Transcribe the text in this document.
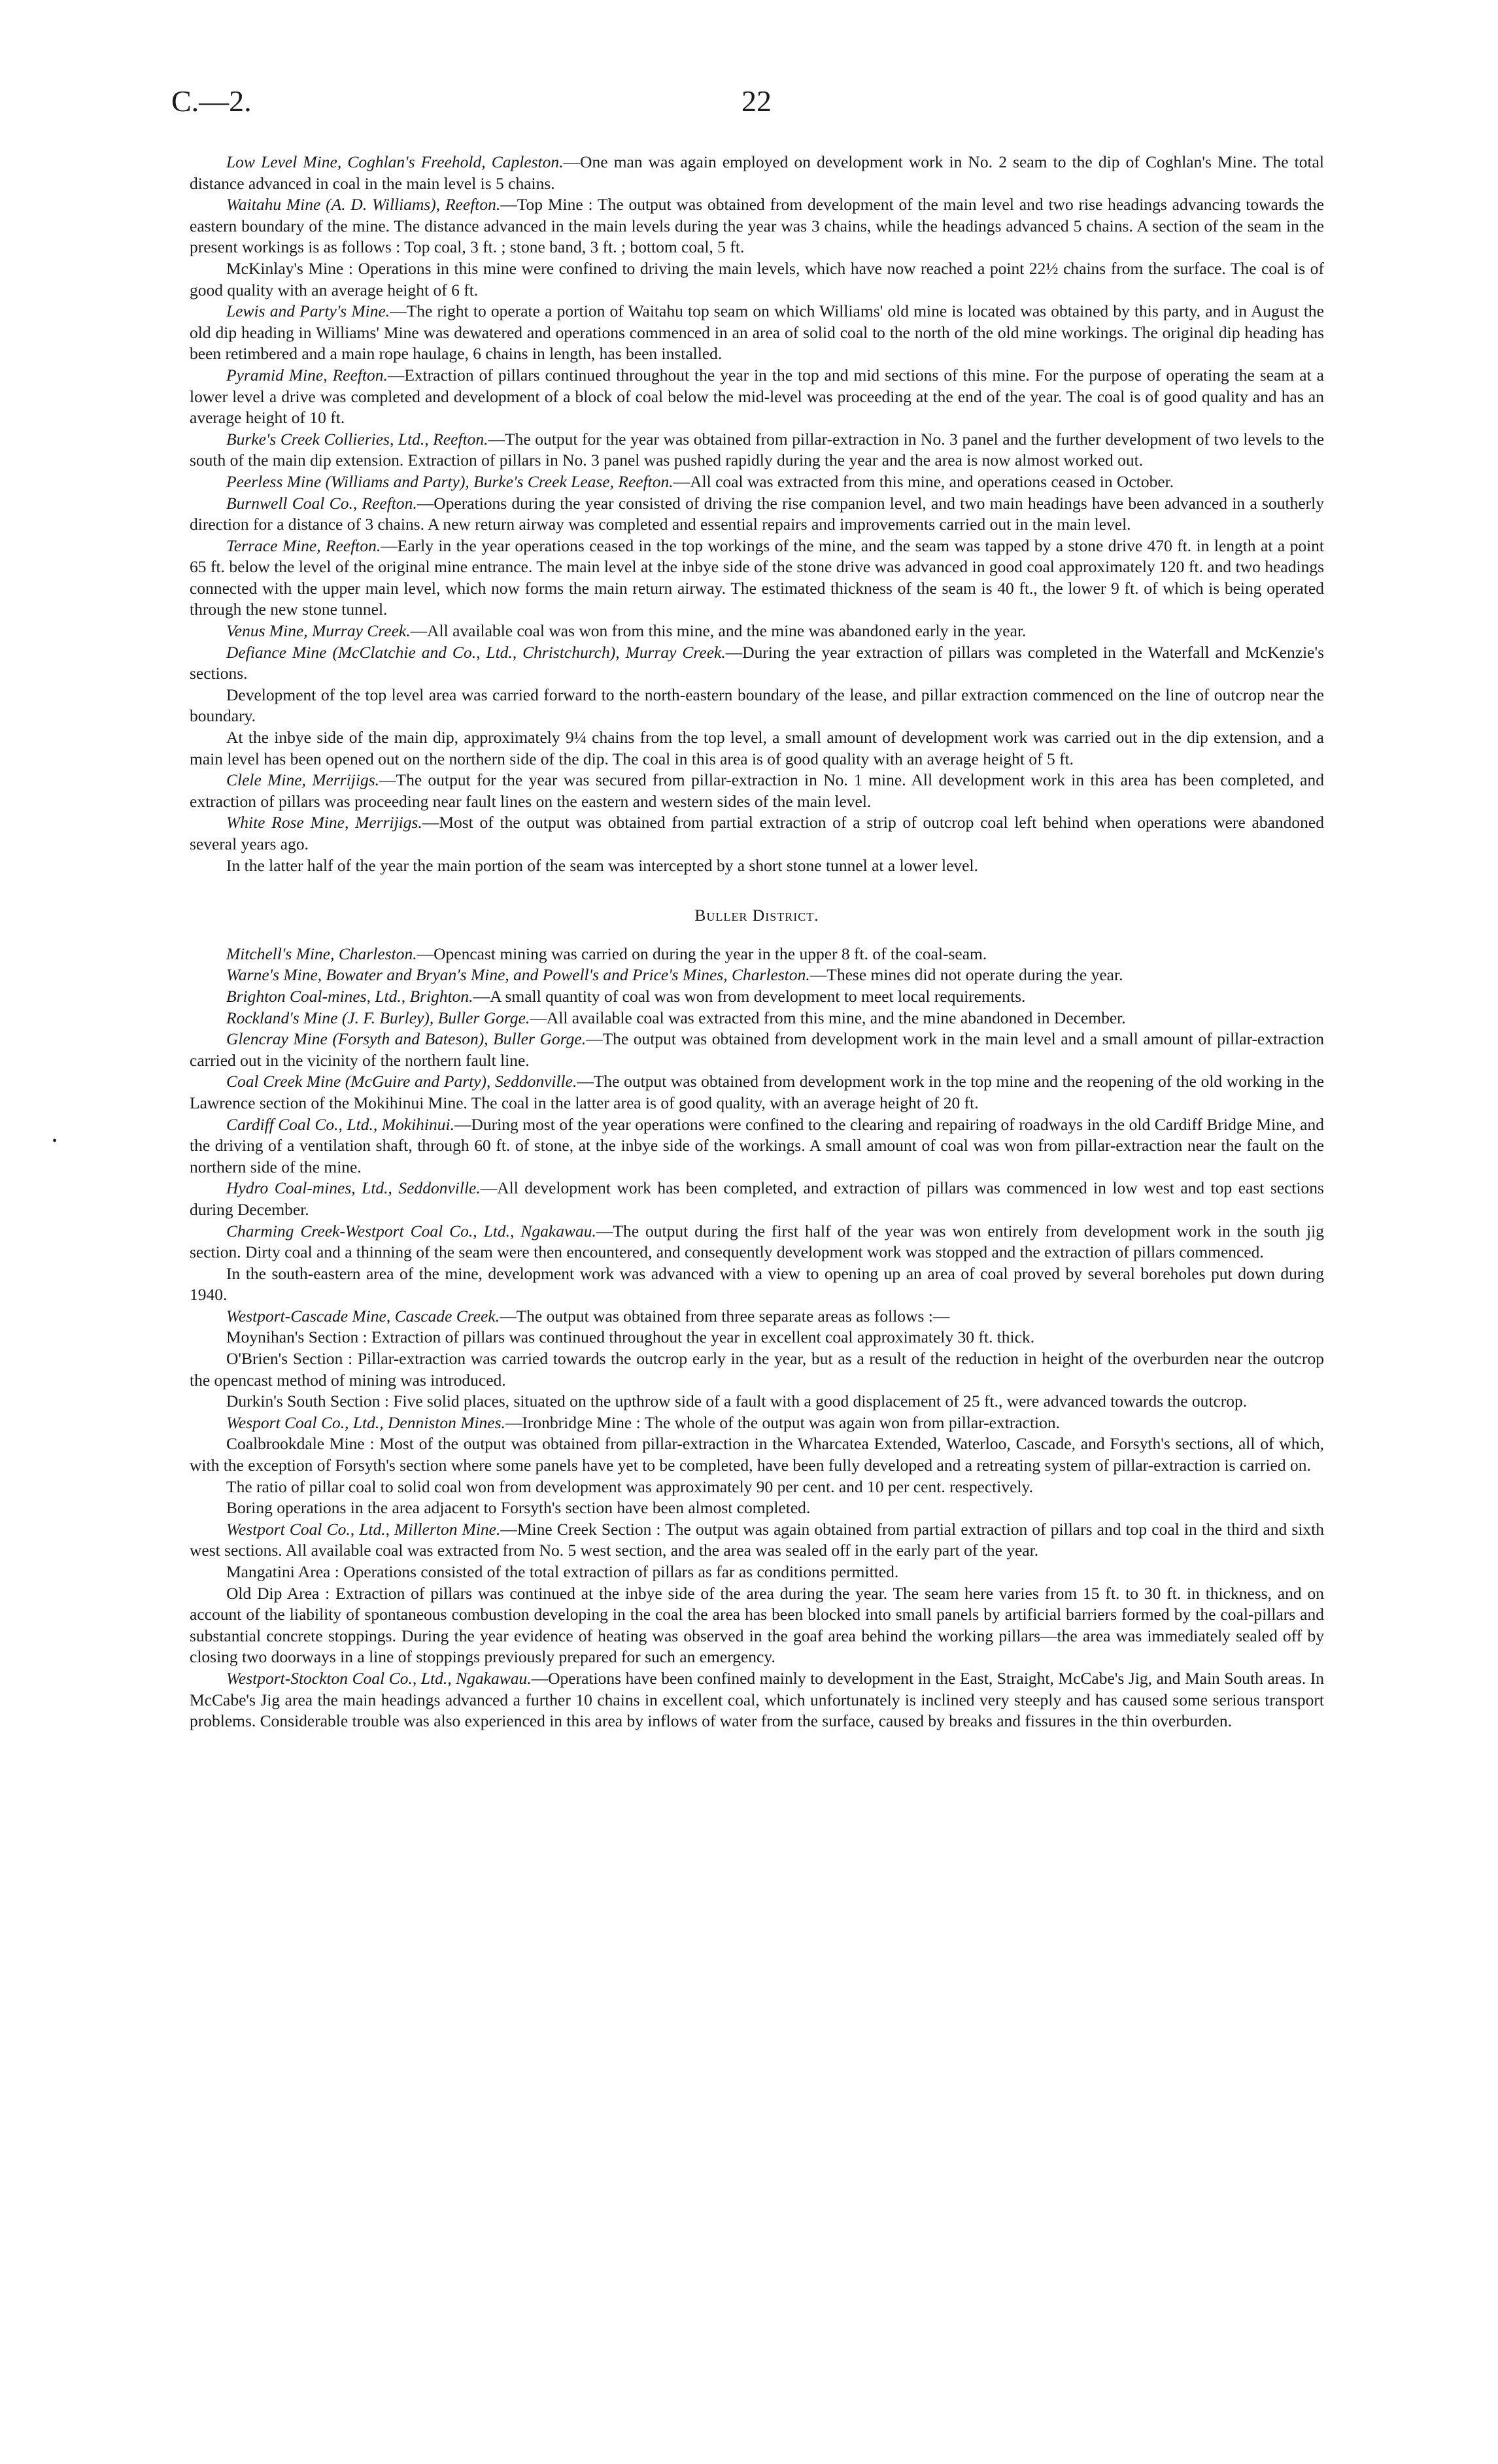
C.—2.	22
•

Low Level Mine, Coghlan's Freehold, Capleston.—One man was again employed on development work in No. 2 seam to the dip of Coghlan's Mine. The total distance advanced in coal in the main level is 5 chains.

Waitahu Mine (A. D. Williams), Reefton.—Top Mine : The output was obtained from development of the main level and two rise headings advancing towards the eastern boundary of the mine. The distance advanced in the main levels during the year was 3 chains, while the headings advanced 5 chains. A section of the seam in the present workings is as follows : Top coal, 3 ft. ; stone band, 3 ft. ; bottom coal, 5 ft.

McKinlay's Mine : Operations in this mine were confined to driving the main levels, which have now reached a point 22½ chains from the surface. The coal is of good quality with an average height of 6 ft.

Lewis and Party's Mine.—The right to operate a portion of Waitahu top seam on which Williams' old mine is located was obtained by this party, and in August the old dip heading in Williams' Mine was dewatered and operations commenced in an area of solid coal to the north of the old mine workings. The original dip heading has been retimbered and a main rope haulage, 6 chains in length, has been installed.

Pyramid Mine, Reefton.—Extraction of pillars continued throughout the year in the top and mid sections of this mine. For the purpose of operating the seam at a lower level a drive was completed and development of a block of coal below the mid-level was proceeding at the end of the year. The coal is of good quality and has an average height of 10 ft.

Burke's Creek Collieries, Ltd., Reefton.—The output for the year was obtained from pillar-extraction in No. 3 panel and the further development of two levels to the south of the main dip extension. Extraction of pillars in No. 3 panel was pushed rapidly during the year and the area is now almost worked out.

Peerless Mine (Williams and Party), Burke's Creek Lease, Reefton.—All coal was extracted from this mine, and operations ceased in October.

Burnwell Coal Co., Reefton.—Operations during the year consisted of driving the rise companion level, and two main headings have been advanced in a southerly direction for a distance of 3 chains. A new return airway was completed and essential repairs and improvements carried out in the main level.

Terrace Mine, Reefton.—Early in the year operations ceased in the top workings of the mine, and the seam was tapped by a stone drive 470 ft. in length at a point 65 ft. below the level of the original mine entrance. The main level at the inbye side of the stone drive was advanced in good coal approximately 120 ft. and two headings connected with the upper main level, which now forms the main return airway. The estimated thickness of the seam is 40 ft., the lower 9 ft. of which is being operated through the new stone tunnel.

Venus Mine, Murray Creek.—All available coal was won from this mine, and the mine was abandoned early in the year.

Defiance Mine (McClatchie and Co., Ltd., Christchurch), Murray Creek.—During the year extraction of pillars was completed in the Waterfall and McKenzie's sections.

Development of the top level area was carried forward to the north-eastern boundary of the lease, and pillar extraction commenced on the line of outcrop near the boundary.

At the inbye side of the main dip, approximately 9¼ chains from the top level, a small amount of development work was carried out in the dip extension, and a main level has been opened out on the northern side of the dip. The coal in this area is of good quality with an average height of 5 ft.

Clele Mine, Merrijigs.—The output for the year was secured from pillar-extraction in No. 1 mine. All development work in this area has been completed, and extraction of pillars was proceeding near fault lines on the eastern and western sides of the main level.

White Rose Mine, Merrijigs.—Most of the output was obtained from partial extraction of a strip of outcrop coal left behind when operations were abandoned several years ago.

In the latter half of the year the main portion of the seam was intercepted by a short stone tunnel at a lower level.

Buller District.

Mitchell's Mine, Charleston.—Opencast mining was carried on during the year in the upper 8 ft. of the coal-seam.

Warne's Mine, Bowater and Bryan's Mine, and Powell's and Price's Mines, Charleston.—These mines did not operate during the year.

Brighton Coal-mines, Ltd., Brighton.—A small quantity of coal was won from development to meet local requirements.

Rockland's Mine (J. F. Burley), Buller Gorge.—All available coal was extracted from this mine, and the mine abandoned in December.

Glencray Mine (Forsyth and Bateson), Buller Gorge.—The output was obtained from development work in the main level and a small amount of pillar-extraction carried out in the vicinity of the northern fault line.

Coal Creek Mine (McGuire and Party), Seddonville.—The output was obtained from development work in the top mine and the reopening of the old working in the Lawrence section of the Mokihinui Mine. The coal in the latter area is of good quality, with an average height of 20 ft.

Cardiff Coal Co., Ltd., Mokihinui.—During most of the year operations were confined to the clearing and repairing of roadways in the old Cardiff Bridge Mine, and the driving of a ventilation shaft, through 60 ft. of stone, at the inbye side of the workings. A small amount of coal was won from pillar-extraction near the fault on the northern side of the mine.

Hydro Coal-mines, Ltd., Seddonville.—All development work has been completed, and extraction of pillars was commenced in low west and top east sections during December.

Charming Creek-Westport Coal Co., Ltd., Ngakawau.—The output during the first half of the year was won entirely from development work in the south jig section. Dirty coal and a thinning of the seam were then encountered, and consequently development work was stopped and the extraction of pillars commenced.

In the south-eastern area of the mine, development work was advanced with a view to opening up an area of coal proved by several boreholes put down during 1940.

Westport-Cascade Mine, Cascade Creek.—The output was obtained from three separate areas as follows :—

Moynihan's Section : Extraction of pillars was continued throughout the year in excellent coal approximately 30 ft. thick.

O'Brien's Section : Pillar-extraction was carried towards the outcrop early in the year, but as a result of the reduction in height of the overburden near the outcrop the opencast method of mining was introduced.

Durkin's South Section : Five solid places, situated on the upthrow side of a fault with a good displacement of 25 ft., were advanced towards the outcrop.

Wesport Coal Co., Ltd., Denniston Mines.—Ironbridge Mine : The whole of the output was again won from pillar-extraction.

Coalbrookdale Mine : Most of the output was obtained from pillar-extraction in the Wharcatea Extended, Waterloo, Cascade, and Forsyth's sections, all of which, with the exception of Forsyth's section where some panels have yet to be completed, have been fully developed and a retreating system of pillar-extraction is carried on.

The ratio of pillar coal to solid coal won from development was approximately 90 per cent. and 10 per cent. respectively.

Boring operations in the area adjacent to Forsyth's section have been almost completed.

Westport Coal Co., Ltd., Millerton Mine.—Mine Creek Section : The output was again obtained from partial extraction of pillars and top coal in the third and sixth west sections. All available coal was extracted from No. 5 west section, and the area was sealed off in the early part of the year.

Mangatini Area : Operations consisted of the total extraction of pillars as far as conditions permitted.

Old Dip Area : Extraction of pillars was continued at the inbye side of the area during the year. The seam here varies from 15 ft. to 30 ft. in thickness, and on account of the liability of spontaneous combustion developing in the coal the area has been blocked into small panels by artificial barriers formed by the coal-pillars and substantial concrete stoppings. During the year evidence of heating was observed in the goaf area behind the working pillars—the area was immediately sealed off by closing two doorways in a line of stoppings previously prepared for such an emergency.

Westport-Stockton Coal Co., Ltd., Ngakawau.—Operations have been confined mainly to development in the East, Straight, McCabe's Jig, and Main South areas. In McCabe's Jig area the main headings advanced a further 10 chains in excellent coal, which unfortunately is inclined very steeply and has caused some serious transport problems. Considerable trouble was also experienced in this area by inflows of water from the surface, caused by breaks and fissures in the thin overburden.
